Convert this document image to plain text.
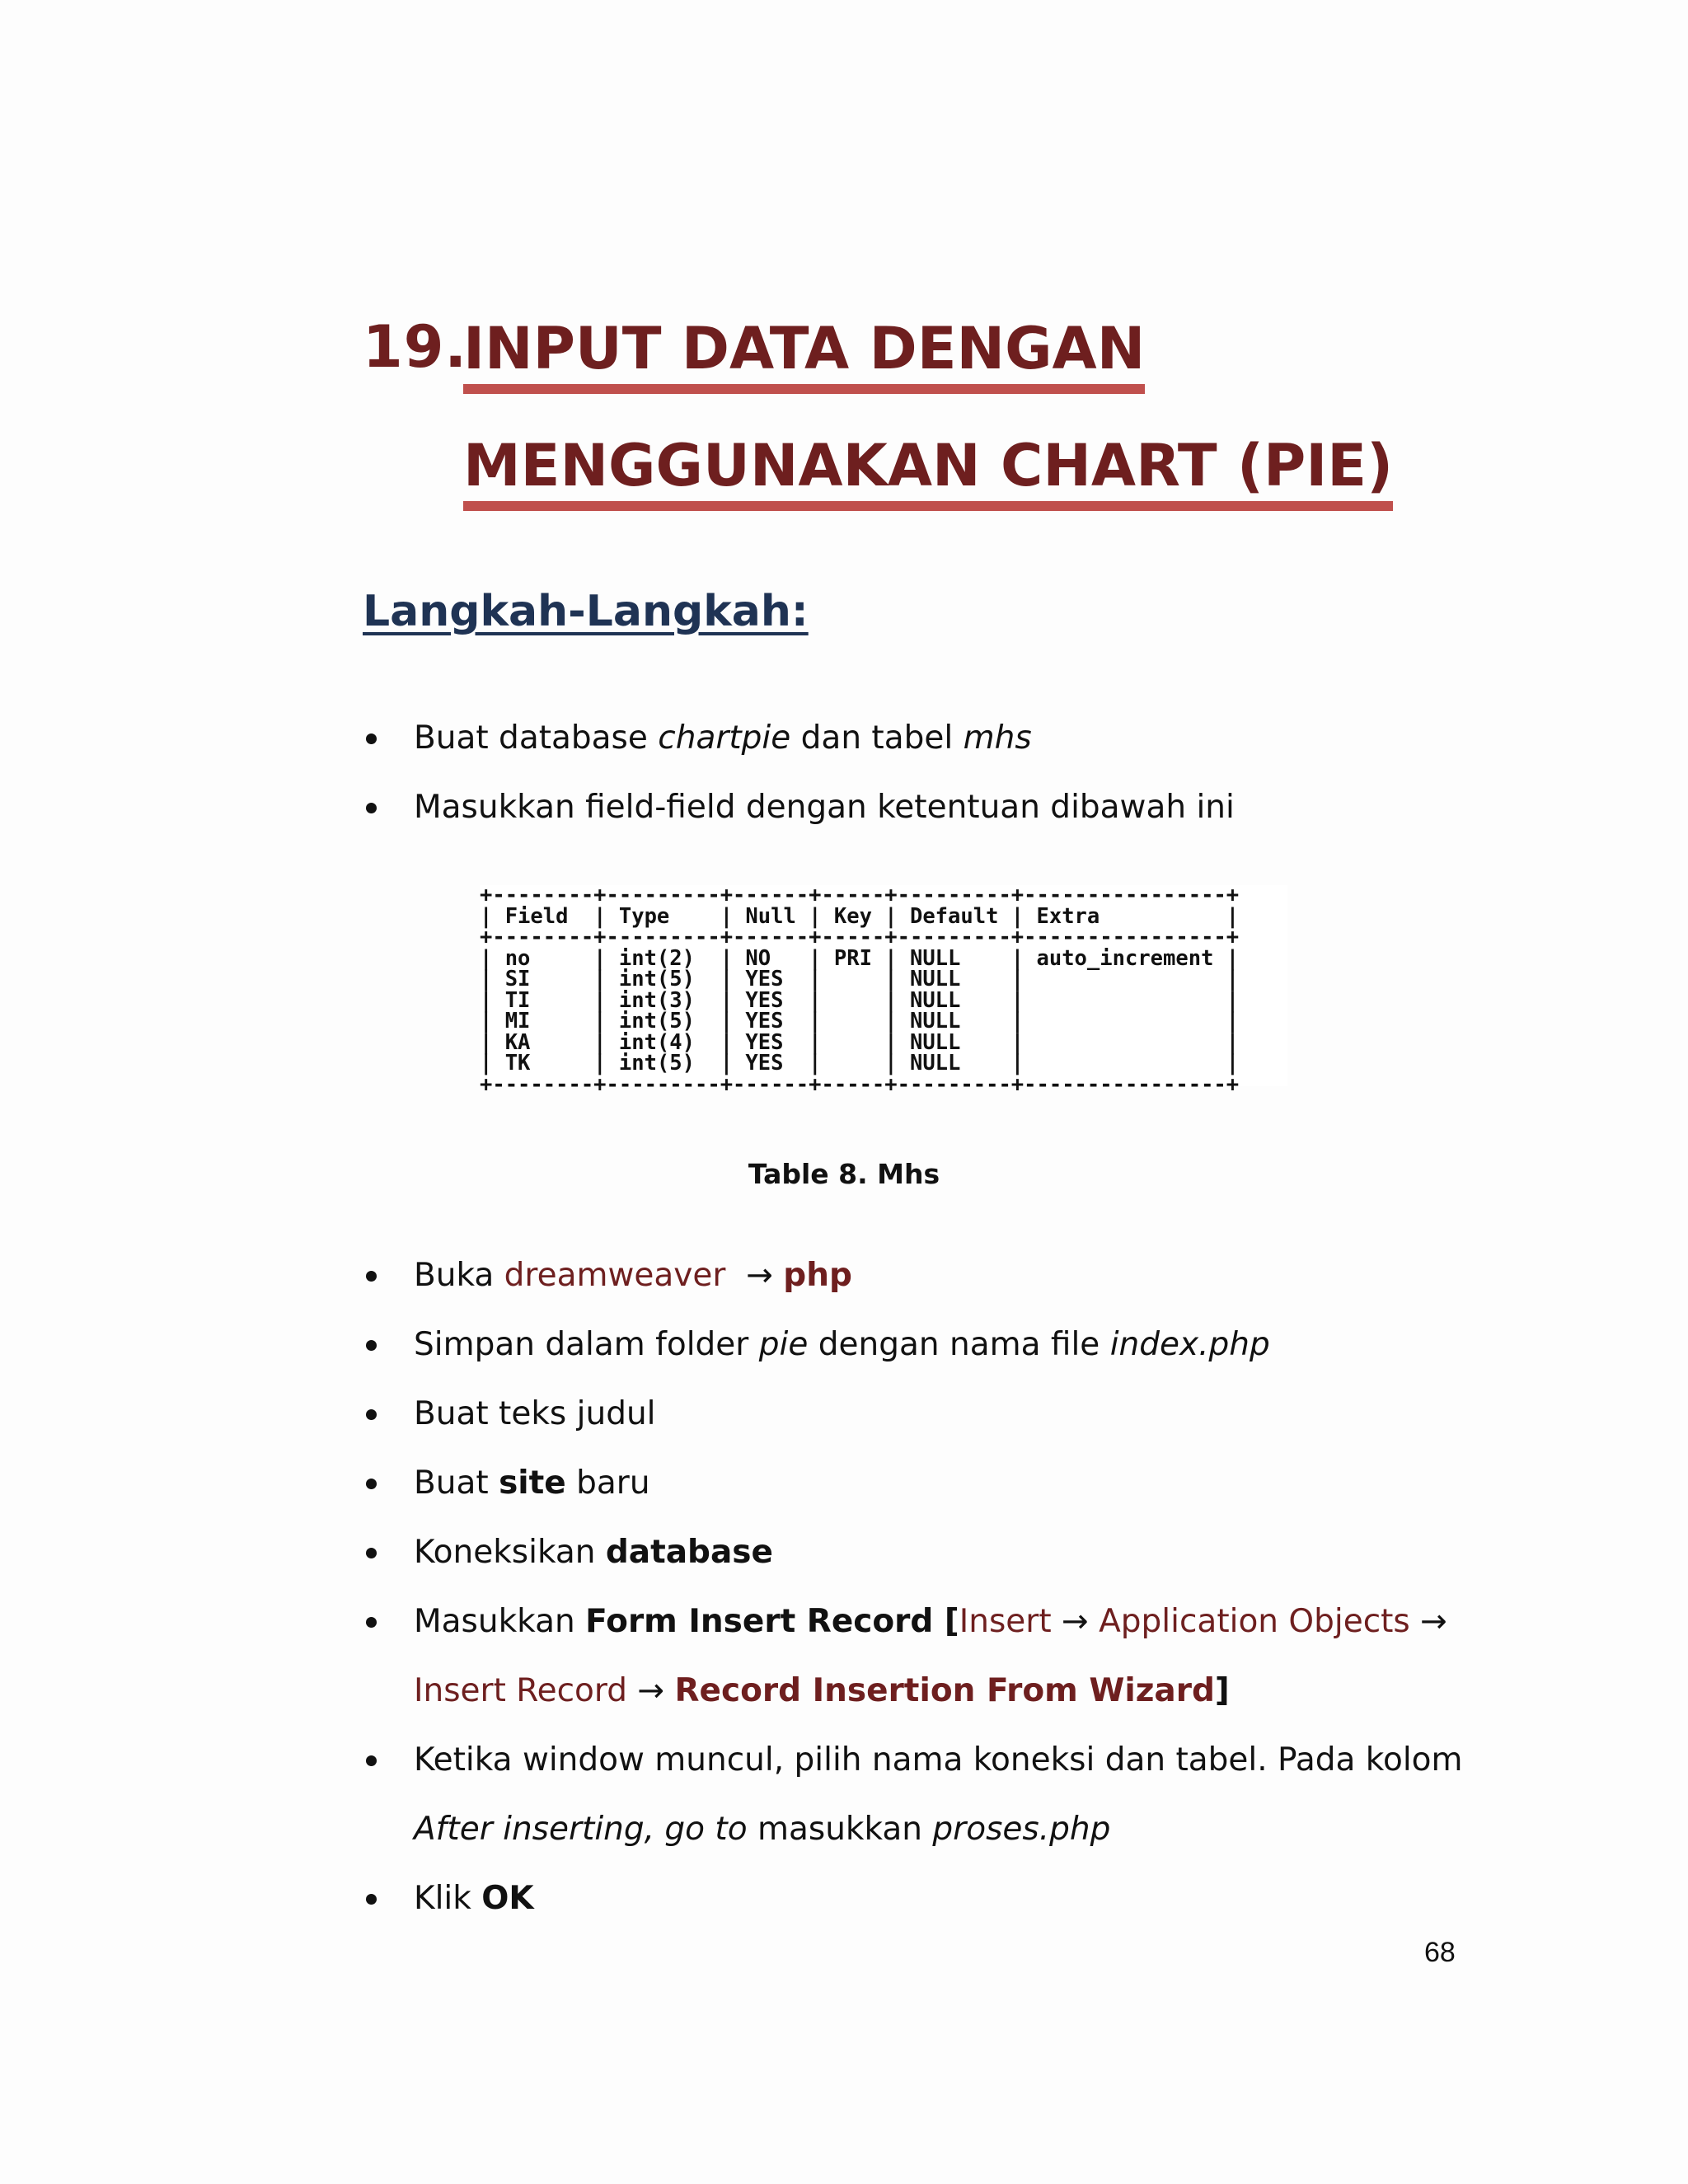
19.
INPUT DATA DENGAN
MENGGUNAKAN CHART (PIE)
Langkah-Langkah:
Buat database chartpie dan tabel mhs
Masukkan field-field dengan ketentuan dibawah ini
+--------+---------+------+-----+---------+----------------+
| Field  | Type    | Null | Key | Default | Extra          |
+--------+---------+------+-----+---------+----------------+
| no     | int(2)  | NO   | PRI | NULL    | auto_increment |
| SI     | int(5)  | YES  |     | NULL    |                |
| TI     | int(3)  | YES  |     | NULL    |                |
| MI     | int(5)  | YES  |     | NULL    |                |
| KA     | int(4)  | YES  |     | NULL    |                |
| TK     | int(5)  | YES  |     | NULL    |                |
+--------+---------+------+-----+---------+----------------+
Table 8. Mhs
Buka dreamweaver → php
Simpan dalam folder pie dengan nama file index.php
Buat teks judul
Buat site baru
Koneksikan database
Masukkan Form Insert Record [Insert → Application Objects →
Insert Record → Record Insertion From Wizard]
Ketika window muncul, pilih nama koneksi dan tabel. Pada kolom
After inserting, go to masukkan proses.php
Klik OK
68
